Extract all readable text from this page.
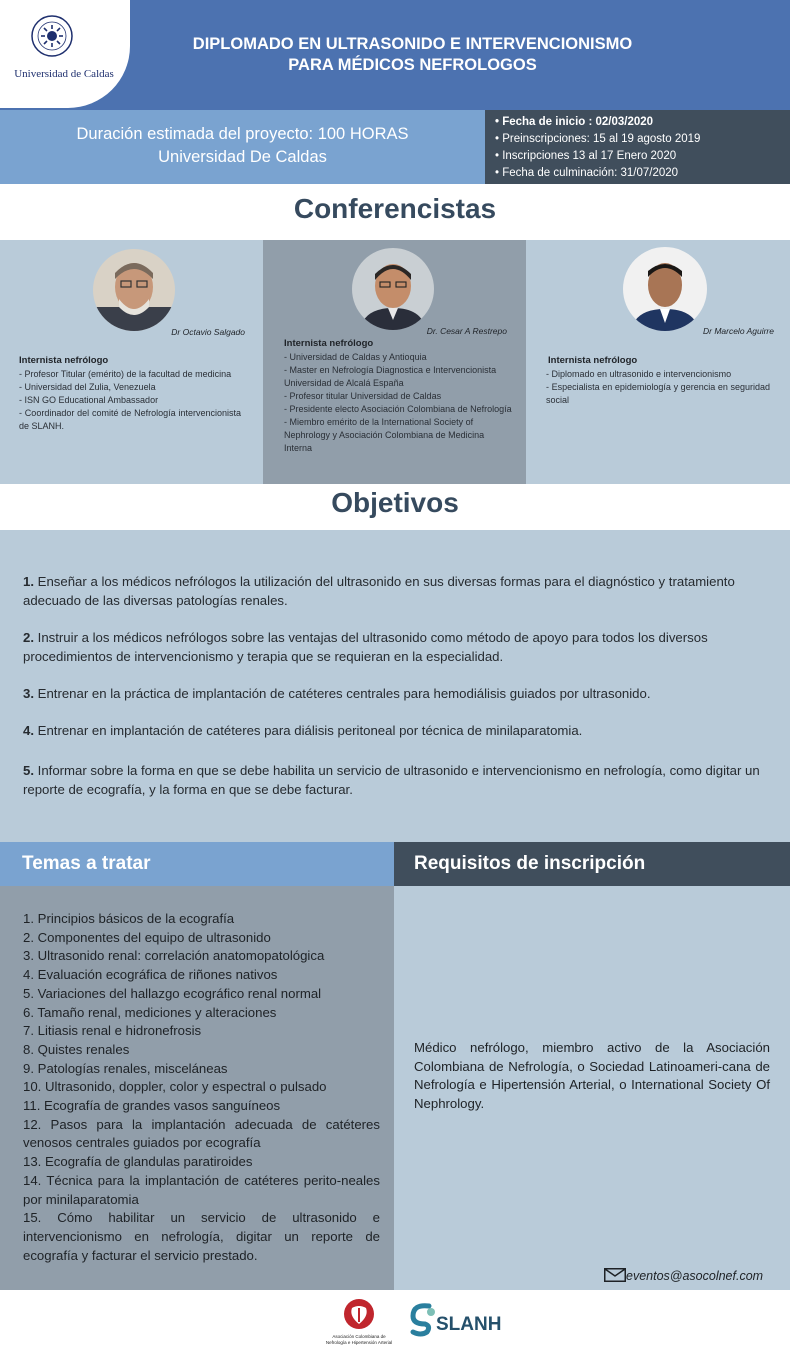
Universidad de Caldas
DIPLOMADO EN ULTRASONIDO E INTERVENCIONISMO
PARA MÉDICOS NEFROLOGOS
Duración estimada del proyecto: 100 HORAS
Universidad De Caldas
• Fecha de inicio : 02/03/2020
• Preinscripciones: 15 al 19 agosto 2019
• Inscripciones 13 al 17 Enero 2020
• Fecha de culminación: 31/07/2020
Conferencistas
Dr Octavio Salgado
Internista nefrólogo
- Profesor Titular (emérito) de la facultad de medicina
- Universidad del Zulia, Venezuela
- ISN GO Educational Ambassador
- Coordinador del comité de Nefrología intervencionista de SLANH.
Dr. Cesar A Restrepo
Internista nefrólogo
- Universidad de Caldas y Antioquia
- Master en Nefrología Diagnostica e Intervencionista Universidad de Alcalá España
- Profesor titular Universidad de Caldas
- Presidente electo Asociación Colombiana de Nefrología
- Miembro emérito de la International Society of Nephrology y Asociación Colombiana de Medicina Interna
Dr Marcelo Aguirre
Internista nefrólogo
- Diplomado en ultrasonido e intervencionismo
- Especialista en epidemiología y gerencia en seguridad social
Objetivos
1. Enseñar a los médicos nefrólogos la utilización del ultrasonido en sus diversas formas para el diagnóstico y tratamiento adecuado de las diversas patologías renales.
2. Instruir a los médicos nefrólogos sobre las ventajas del ultrasonido como método de apoyo para todos los diversos procedimientos de intervencionismo y terapia que se requieran en la especialidad.
3. Entrenar en la práctica de implantación de catéteres centrales para hemodiálisis guiados por ultrasonido.
4. Entrenar en implantación de catéteres para diálisis peritoneal por técnica de minilaparatomia.
5. Informar sobre la forma en que se debe habilita un servicio de ultrasonido e intervencionismo en nefrología, como digitar un reporte de ecografía, y la forma en que se debe facturar.
Temas a tratar	Requisitos de inscripción
1. Principios básicos de la ecografía
2. Componentes del equipo de ultrasonido
3. Ultrasonido renal: correlación anatomopatológica
4. Evaluación ecográfica de riñones nativos
5. Variaciones del hallazgo ecográfico renal normal
6. Tamaño renal, mediciones y alteraciones
7. Litiasis renal e hidronefrosis
8. Quistes renales
9. Patologías renales, misceláneas
10. Ultrasonido, doppler, color y espectral o pulsado
11. Ecografía de grandes vasos sanguíneos
12. Pasos para la implantación adecuada de catéteres venosos centrales guiados por ecografía
13. Ecografía de glandulas paratiroides
14. Técnica para la implantación de catéteres perito-neales por minilaparatomia
15. Cómo habilitar un servicio de ultrasonido e intervencionismo en nefrología, digitar un reporte de ecografía y facturar el servicio prestado.
Médico nefrólogo, miembro activo de la Asociación Colombiana de Nefrología, o Sociedad Latinoameri-cana de Nefrología e Hipertensión Arterial, o International Society Of Nephrology.
eventos@asocolnef.com
Asociación Colombiana de Nefrología e Hipertensión Arterial
SLANH
